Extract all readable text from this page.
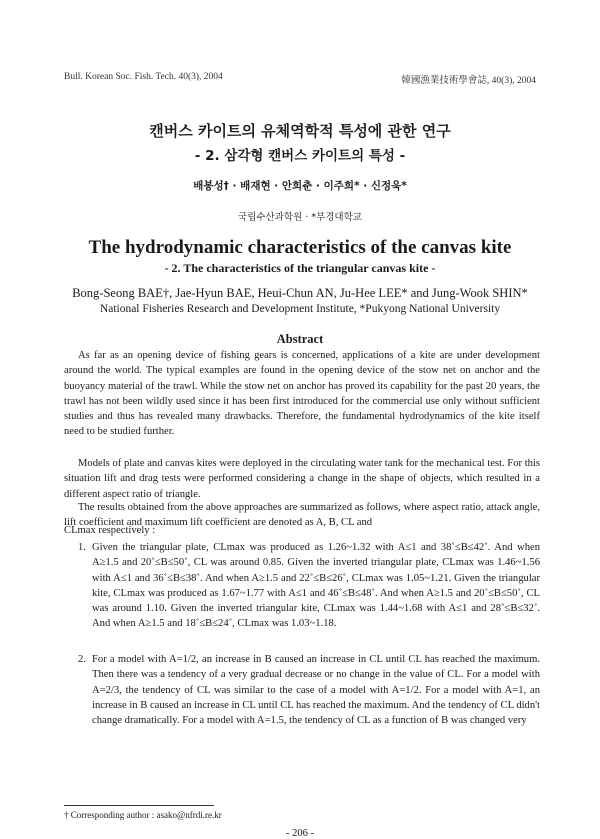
Bull. Korean Soc. Fish. Tech. 40(3), 2004	韓國漁業技術學會誌, 40(3), 2004
캔버스 카이트의 유체역학적 특성에 관한 연구
- 2. 삼각형 캔버스 카이트의 특성 -
배봉성† · 배재현 · 안희춘 · 이주희* · 신정욱*
국립수산과학원 · *부경대학교
The hydrodynamic characteristics of the canvas kite
- 2. The characteristics of the triangular canvas kite -
Bong-Seong BAE†, Jae-Hyun BAE, Heui-Chun AN, Ju-Hee LEE* and Jung-Wook SHIN*
National Fisheries Research and Development Institute, *Pukyong National University
Abstract
As far as an opening device of fishing gears is concerned, applications of a kite are under development around the world. The typical examples are found in the opening device of the stow net on anchor and the buoyancy material of the trawl. While the stow net on anchor has proved its capability for the past 20 years, the trawl has not been wildly used since it has been first introduced for the commercial use only without sufficient studies and thus has revealed many drawbacks. Therefore, the fundamental hydrodynamics of the kite itself need to be studied further.
Models of plate and canvas kites were deployed in the circulating water tank for the mechanical test. For this situation lift and drag tests were performed considering a change in the shape of objects, which resulted in a different aspect ratio of triangle.
The results obtained from the above approaches are summarized as follows, where aspect ratio, attack angle, lift coefficient and maximum lift coefficient are denoted as A, B, CL and
CLmax respectively :
1. Given the triangular plate, CLmax was produced as 1.26~1.32 with A≤1 and 38˚≤B≤42˚. And when A≥1.5 and 20˚≤B≤50˚, CL was around 0.85. Given the inverted triangular plate, CLmax was 1.46~1.56 with A≤1 and 36˚≤B≤38˚. And when A≥1.5 and 22˚≤B≤26˚, CLmax was 1.05~1.21. Given the triangular kite, CLmax was produced as 1.67~1.77 with A≤1 and 46˚≤B≤48˚. And when A≥1.5 and 20˚≤B≤50˚, CL was around 1.10. Given the inverted triangular kite, CLmax was 1.44~1.68 with A≤1 and 28˚≤B≤32˚. And when A≥1.5 and 18˚≤B≤24˚, CLmax was 1.03~1.18.
2. For a model with A=1/2, an increase in B caused an increase in CL until CL has reached the maximum. Then there was a tendency of a very gradual decrease or no change in the value of CL. For a model with A=2/3, the tendency of CL was similar to the case of a model with A=1/2. For a model with A=1, an increase in B caused an increase in CL until CL has reached the maximum. And the tendency of CL didn't change dramatically. For a model with A=1.5, the tendency of CL as a function of B was changed very
† Corresponding author : asako@nfrdi.re.kr
- 206 -
